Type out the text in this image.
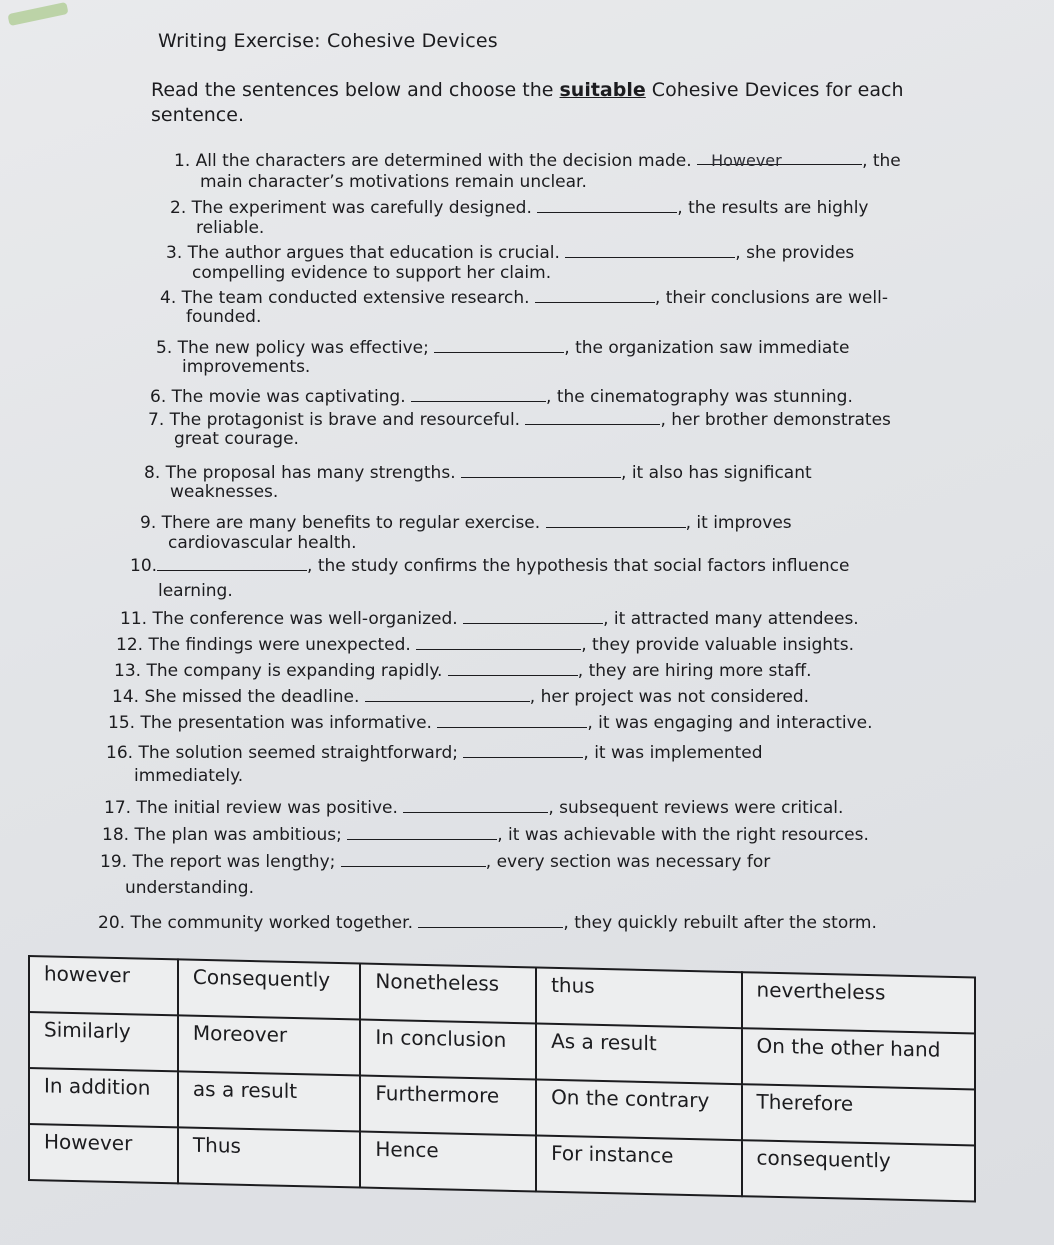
Writing Exercise: Cohesive Devices
Read the sentences below and choose the suitable Cohesive Devices for each sentence.
1. All the characters are determined with the decision made. However	, the
main character’s motivations remain unclear.
2. The experiment was carefully designed.	, the results are highly
reliable.
3. The author argues that education is crucial.	, she provides
compelling evidence to support her claim.
4. The team conducted extensive research.	, their conclusions are well-
founded.
5. The new policy was effective;	, the organization saw immediate
improvements.
6. The movie was captivating.	, the cinematography was stunning.
7. The protagonist is brave and resourceful.	, her brother demonstrates
great courage.
8. The proposal has many strengths.	, it also has significant
weaknesses.
9. There are many benefits to regular exercise.	, it improves
cardiovascular health.
10.	, the study confirms the hypothesis that social factors influence
learning.
11. The conference was well-organized.	, it attracted many attendees.
12. The findings were unexpected.	, they provide valuable insights.
13. The company is expanding rapidly.	, they are hiring more staff.
14. She missed the deadline.	, her project was not considered.
15. The presentation was informative.	, it was engaging and interactive.
16. The solution seemed straightforward;	, it was implemented
immediately.
17. The initial review was positive.	, subsequent reviews were critical.
18. The plan was ambitious;	, it was achievable with the right resources.
19. The report was lengthy;	, every section was necessary for
understanding.
20. The community worked together.	, they quickly rebuilt after the storm.
however	Consequently	Nonetheless	thus	nevertheless
Similarly	Moreover	In conclusion	As a result	On the other hand
In addition	as a result	Furthermore	On the contrary	Therefore
However	Thus	Hence	For instance	consequently
